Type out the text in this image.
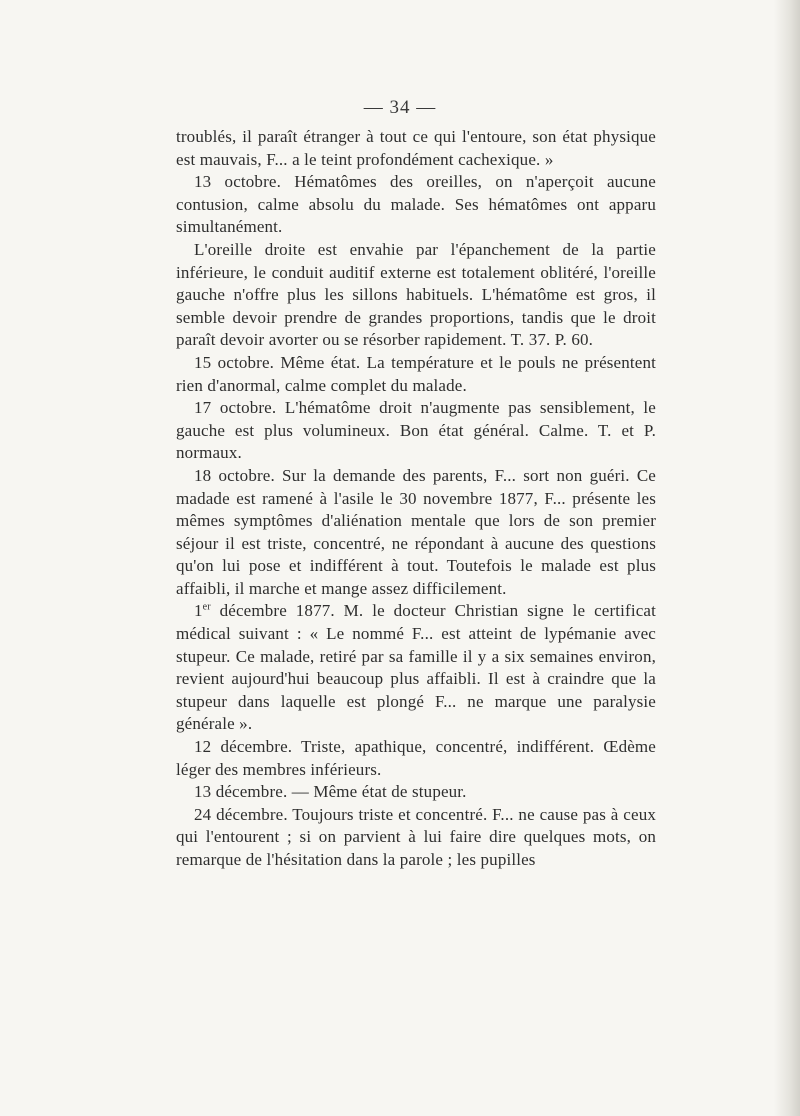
— 34 —

troublés, il paraît étranger à tout ce qui l'entoure, son état physique est mauvais, F... a le teint profondément cachexique. »

13 octobre. Hématômes des oreilles, on n'aperçoit aucune contusion, calme absolu du malade. Ses hématômes ont apparu simultanément.

L'oreille droite est envahie par l'épanchement de la partie inférieure, le conduit auditif externe est totalement oblitéré, l'oreille gauche n'offre plus les sillons habituels. L'hématôme est gros, il semble devoir prendre de grandes proportions, tandis que le droit paraît devoir avorter ou se résorber rapidement. T. 37. P. 60.

15 octobre. Même état. La température et le pouls ne présentent rien d'anormal, calme complet du malade.

17 octobre. L'hématôme droit n'augmente pas sensiblement, le gauche est plus volumineux. Bon état général. Calme. T. et P. normaux.

18 octobre. Sur la demande des parents, F... sort non guéri. Ce madade est ramené à l'asile le 30 novembre 1877, F... présente les mêmes symptômes d'aliénation mentale que lors de son premier séjour il est triste, concentré, ne répondant à aucune des questions qu'on lui pose et indifférent à tout. Toutefois le malade est plus affaibli, il marche et mange assez difficilement.

1er décembre 1877. M. le docteur Christian signe le certificat médical suivant : « Le nommé F... est atteint de lypémanie avec stupeur. Ce malade, retiré par sa famille il y a six semaines environ, revient aujourd'hui beaucoup plus affaibli. Il est à craindre que la stupeur dans laquelle est plongé F... ne marque une paralysie générale ».

12 décembre. Triste, apathique, concentré, indifférent. Œdème léger des membres inférieurs.

13 décembre. — Même état de stupeur.

24 décembre. Toujours triste et concentré. F... ne cause pas à ceux qui l'entourent ; si on parvient à lui faire dire quelques mots, on remarque de l'hésitation dans la parole ; les pupilles
